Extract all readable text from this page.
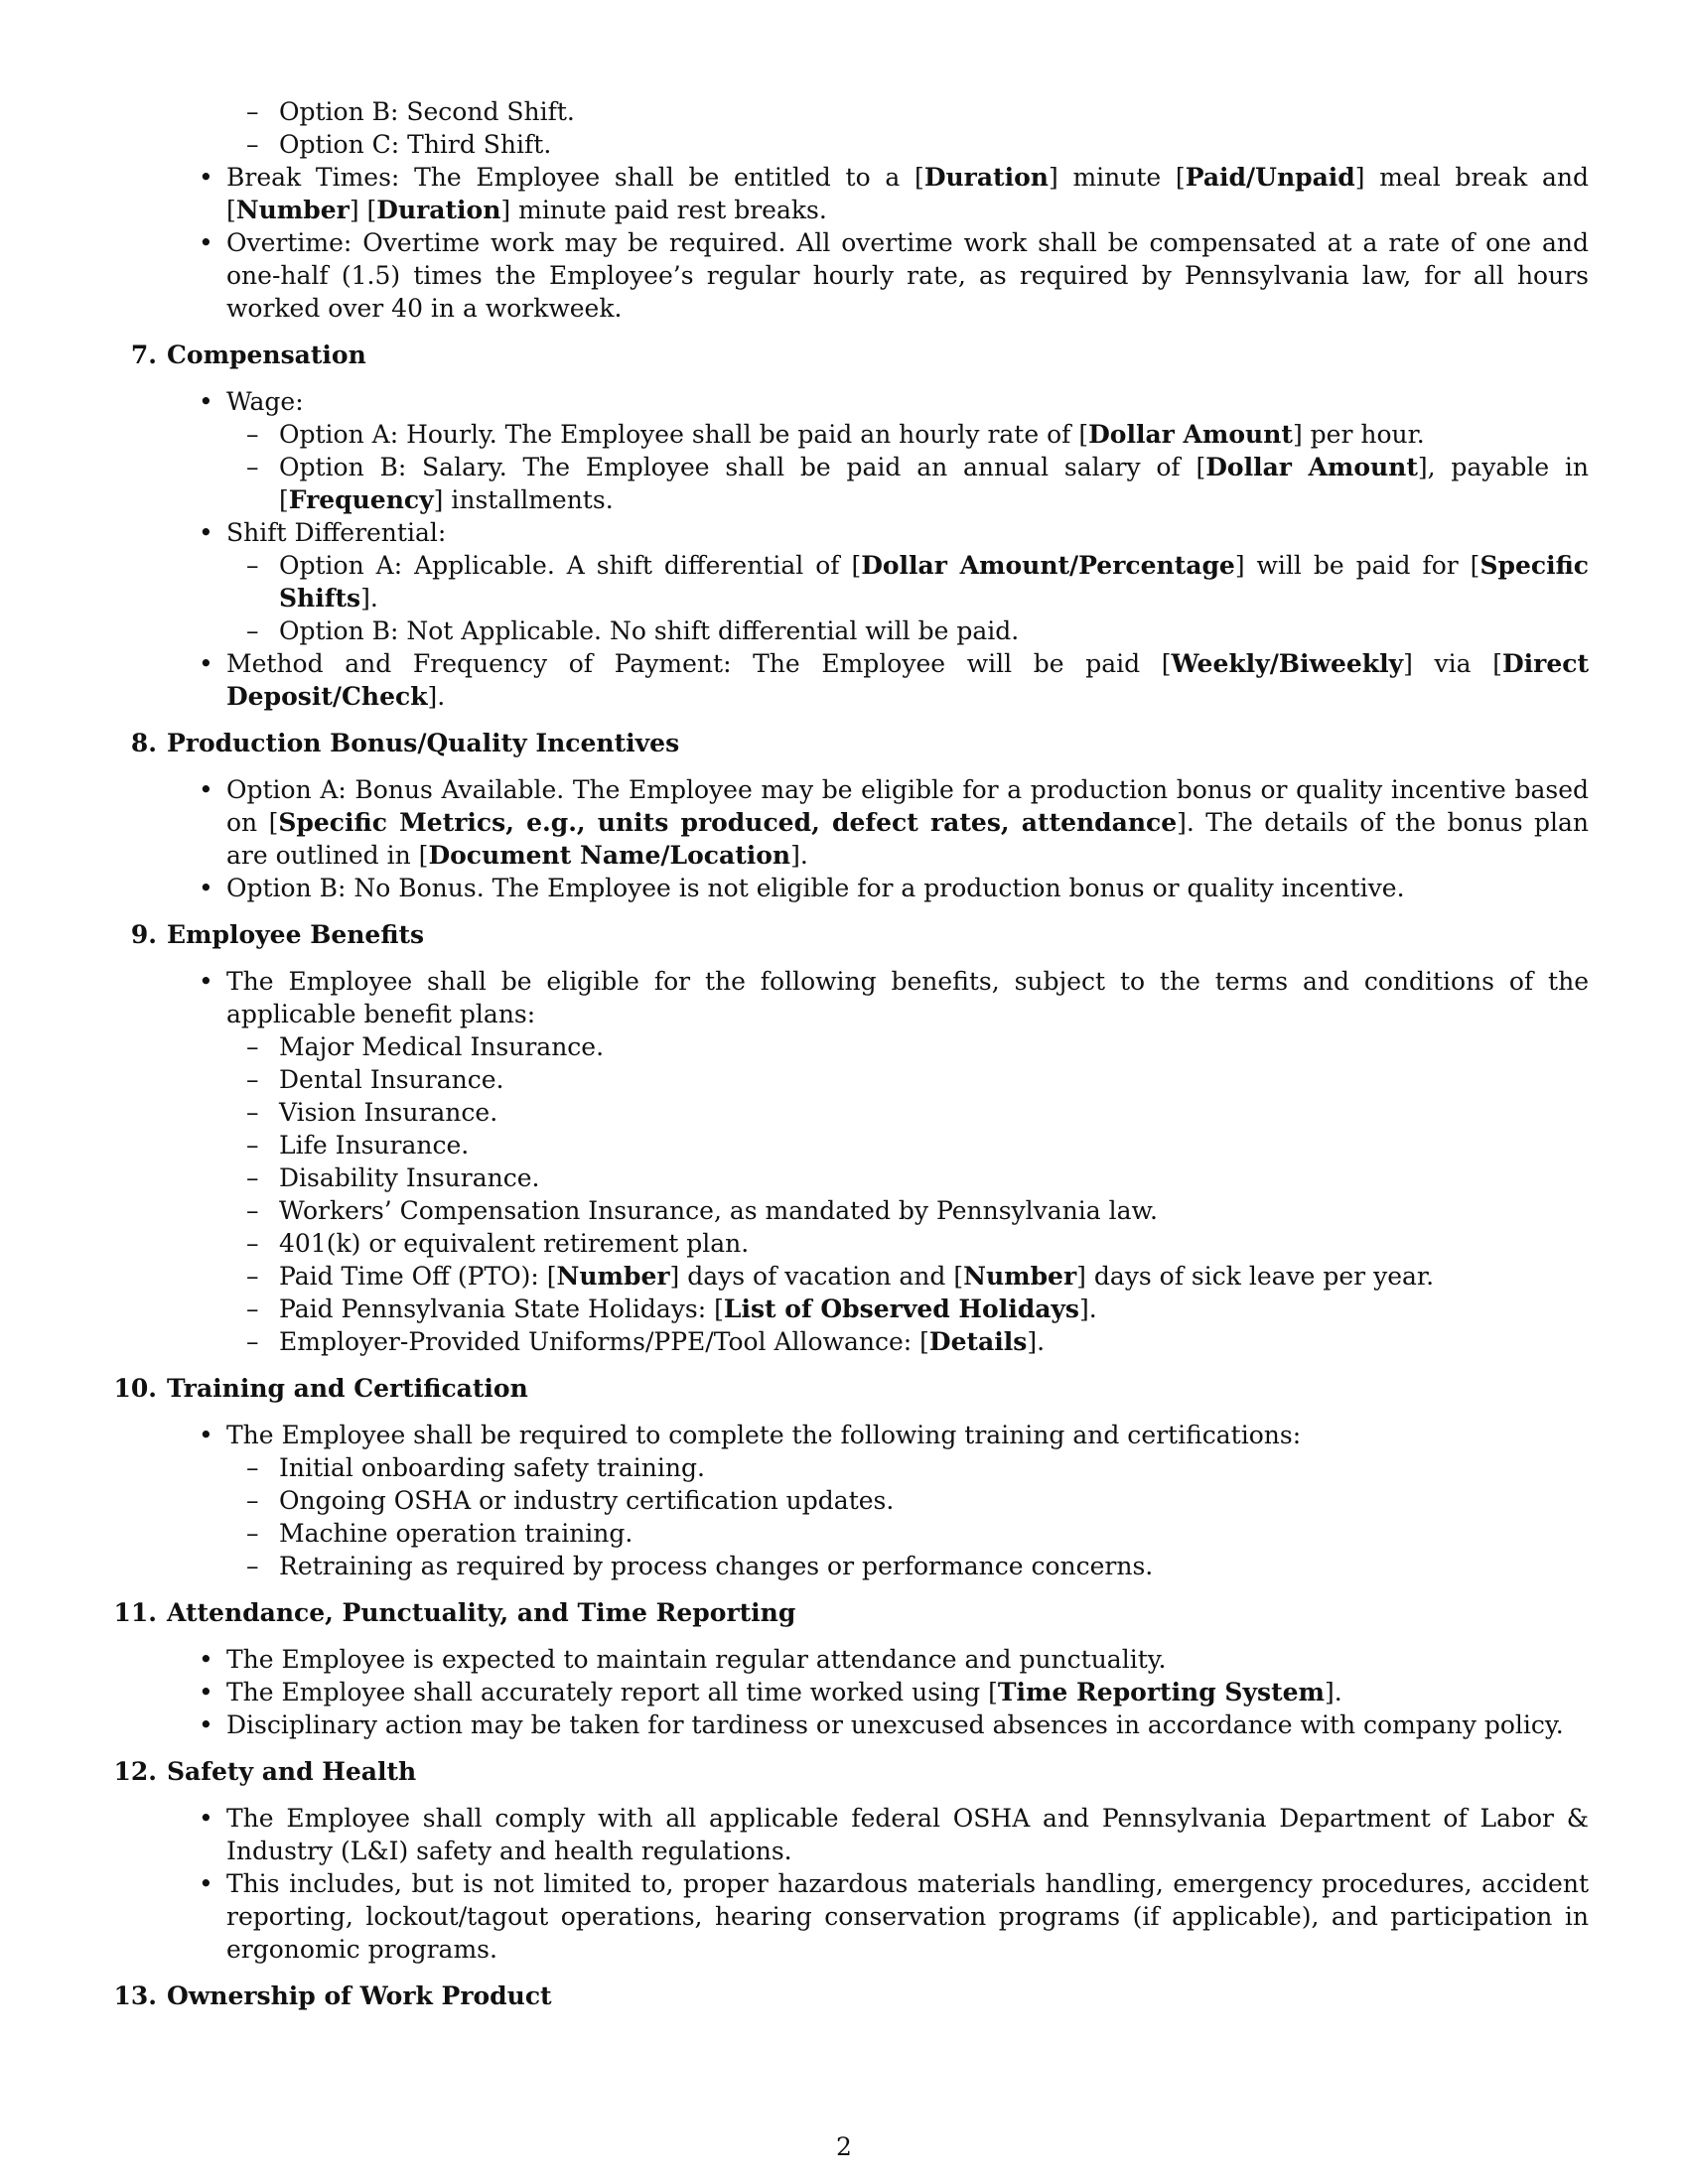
– Option B: Second Shift.
– Option C: Third Shift.
• Break Times: The Employee shall be entitled to a [Duration] minute [Paid/Unpaid] meal break and [Number] [Duration] minute paid rest breaks.
• Overtime: Overtime work may be required. All overtime work shall be compensated at a rate of one and one-half (1.5) times the Employee’s regular hourly rate, as required by Pennsylvania law, for all hours worked over 40 in a workweek.
7. Compensation
• Wage:
– Option A: Hourly. The Employee shall be paid an hourly rate of [Dollar Amount] per hour.
– Option B: Salary. The Employee shall be paid an annual salary of [Dollar Amount], payable in [Frequency] installments.
• Shift Differential:
– Option A: Applicable. A shift differential of [Dollar Amount/Percentage] will be paid for [Specific Shifts].
– Option B: Not Applicable. No shift differential will be paid.
• Method and Frequency of Payment: The Employee will be paid [Weekly/Biweekly] via [Direct Deposit/Check].
8. Production Bonus/Quality Incentives
• Option A: Bonus Available. The Employee may be eligible for a production bonus or quality incentive based on [Specific Metrics, e.g., units produced, defect rates, attendance]. The details of the bonus plan are outlined in [Document Name/Location].
• Option B: No Bonus. The Employee is not eligible for a production bonus or quality incentive.
9. Employee Benefits
• The Employee shall be eligible for the following benefits, subject to the terms and conditions of the applicable benefit plans:
– Major Medical Insurance.
– Dental Insurance.
– Vision Insurance.
– Life Insurance.
– Disability Insurance.
– Workers’ Compensation Insurance, as mandated by Pennsylvania law.
– 401(k) or equivalent retirement plan.
– Paid Time Off (PTO): [Number] days of vacation and [Number] days of sick leave per year.
– Paid Pennsylvania State Holidays: [List of Observed Holidays].
– Employer-Provided Uniforms/PPE/Tool Allowance: [Details].
10. Training and Certification
• The Employee shall be required to complete the following training and certifications:
– Initial onboarding safety training.
– Ongoing OSHA or industry certification updates.
– Machine operation training.
– Retraining as required by process changes or performance concerns.
11. Attendance, Punctuality, and Time Reporting
• The Employee is expected to maintain regular attendance and punctuality.
• The Employee shall accurately report all time worked using [Time Reporting System].
• Disciplinary action may be taken for tardiness or unexcused absences in accordance with company policy.
12. Safety and Health
• The Employee shall comply with all applicable federal OSHA and Pennsylvania Department of Labor & Industry (L&I) safety and health regulations.
• This includes, but is not limited to, proper hazardous materials handling, emergency procedures, accident reporting, lockout/tagout operations, hearing conservation programs (if applicable), and participation in ergonomic programs.
13. Ownership of Work Product
2
